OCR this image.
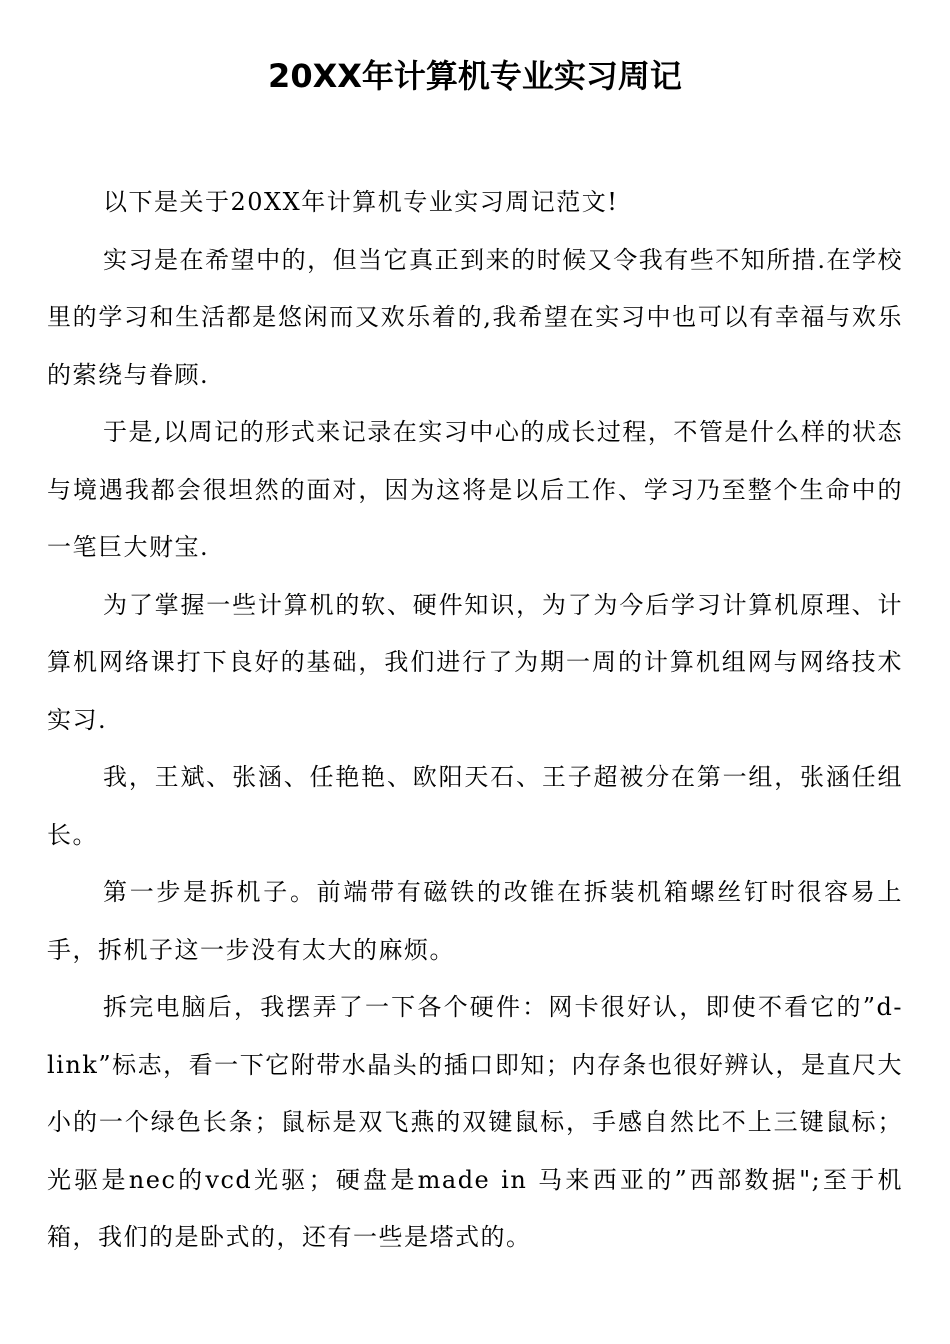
20XX年计算机专业实习周记

以下是关于20XX年计算机专业实习周记范文!

实习是在希望中的，但当它真正到来的时候又令我有些不知所措.在学校里的学习和生活都是悠闲而又欢乐着的,我希望在实习中也可以有幸福与欢乐的萦绕与眷顾.

于是,以周记的形式来记录在实习中心的成长过程，不管是什么样的状态与境遇我都会很坦然的面对，因为这将是以后工作、学习乃至整个生命中的一笔巨大财宝.

为了掌握一些计算机的软、硬件知识，为了为今后学习计算机原理、计算机网络课打下良好的基础，我们进行了为期一周的计算机组网与网络技术实习.

我，王斌、张涵、任艳艳、欧阳天石、王子超被分在第一组，张涵任组长。

第一步是拆机子。前端带有磁铁的改锥在拆装机箱螺丝钉时很容易上手，拆机子这一步没有太大的麻烦。

拆完电脑后，我摆弄了一下各个硬件：网卡很好认，即使不看它的”d-link”标志，看一下它附带水晶头的插口即知；内存条也很好辨认，是直尺大小的一个绿色长条；鼠标是双飞燕的双键鼠标，手感自然比不上三键鼠标；光驱是nec的vcd光驱；硬盘是made in 马来西亚的”西部数据";至于机箱，我们的是卧式的，还有一些是塔式的。
